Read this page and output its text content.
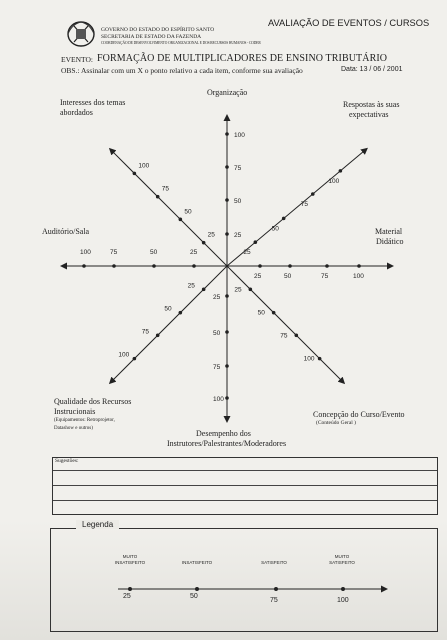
GOVERNO DO ESTADO DO ESPÍRITO SANTO
SECRETARIA DE ESTADO DA FAZENDA
COORDENAÇÃO DE DESENVOLVIMENTO ORGANIZACIONAL E DOS RECURSOS HUMANOS - CODER
AVALIAÇÃO DE EVENTOS / CURSOS
EVENTO: FORMAÇÃO DE MULTIPLICADORES DE ENSINO TRIBUTÁRIO
OBS.: Assinalar com um X o ponto relativo a cada item, conforme sua avaliação	Data: 13 / 06 / 2001
25
50
75
100
25
50
75
100
25	50	75	100
25
50
75
100
25
50
75
100
25
50
75
100
25
50
75
100
25
50
75
100
Organização
Respostas às suas
expectativas
Material
Didático
Concepção do Curso/Evento
(Conteúdo Geral )
Desempenho dos
Instrutores/Palestrantes/Moderadores
Qualidade dos Recursos
Instrucionais
(Equipamentos: Retroprojetor, Datashow e outros)
Auditório/Sala
Interesses dos temas
abordados
Sugestões:
Legenda
MUITO
INSATISFEITO	INSATISFEITO	SATISFEITO
MUITO
SATISFEITO
25	50
75	100
